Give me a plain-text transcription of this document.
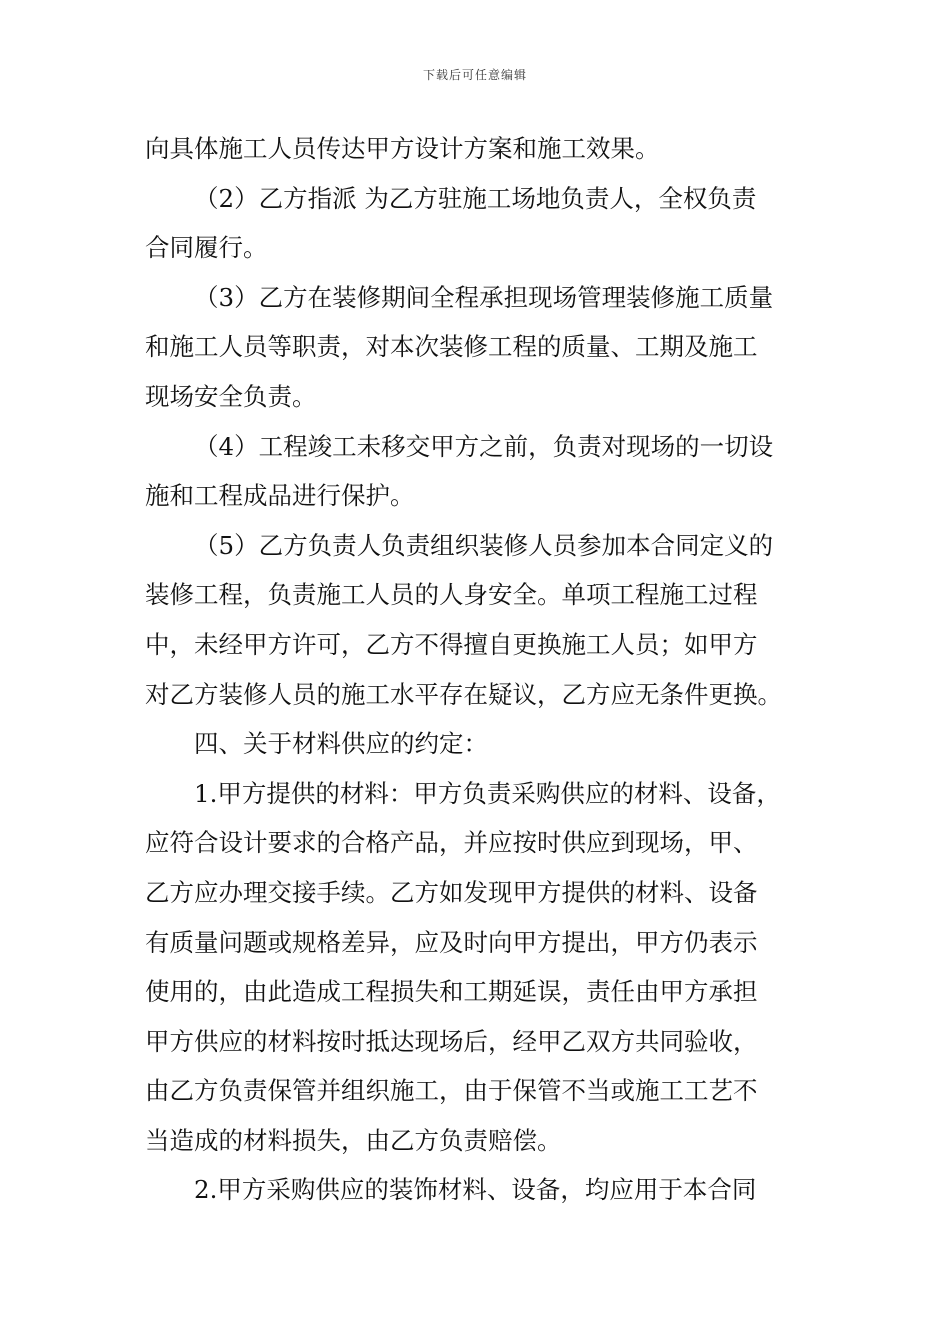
下载后可任意编辑
向具体施工人员传达甲方设计方案和施工效果。
（2）乙方指派 为乙方驻施工场地负责人，全权负责
合同履行。
（3）乙方在装修期间全程承担现场管理装修施工质量
和施工人员等职责，对本次装修工程的质量、工期及施工
现场安全负责。
（4）工程竣工未移交甲方之前，负责对现场的一切设
施和工程成品进行保护。
（5）乙方负责人负责组织装修人员参加本合同定义的
装修工程，负责施工人员的人身安全。单项工程施工过程
中，未经甲方许可，乙方不得擅自更换施工人员；如甲方
对乙方装修人员的施工水平存在疑议，乙方应无条件更换。
四、关于材料供应的约定：
1.甲方提供的材料：甲方负责采购供应的材料、设备，
应符合设计要求的合格产品，并应按时供应到现场，甲、
乙方应办理交接手续。乙方如发现甲方提供的材料、设备
有质量问题或规格差异，应及时向甲方提出，甲方仍表示
使用的，由此造成工程损失和工期延误，责任由甲方承担
甲方供应的材料按时抵达现场后，经甲乙双方共同验收，
由乙方负责保管并组织施工，由于保管不当或施工工艺不
当造成的材料损失，由乙方负责赔偿。
2.甲方采购供应的装饰材料、设备，均应用于本合同
